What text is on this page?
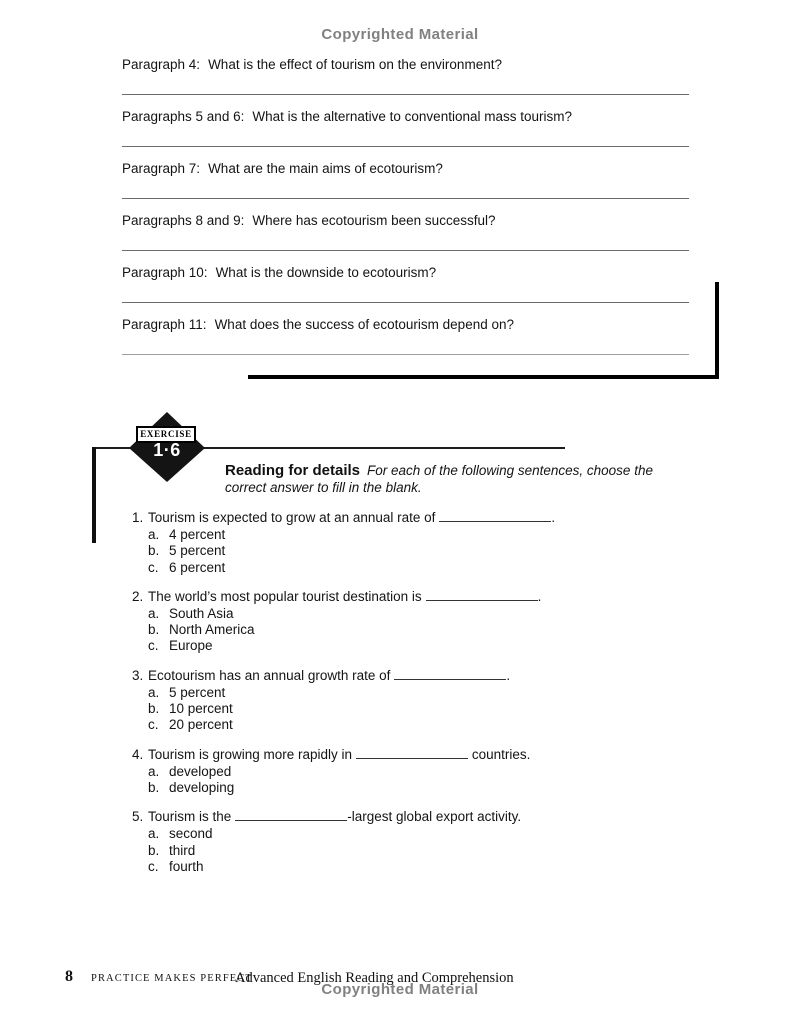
Copyrighted Material
Paragraph 4: What is the effect of tourism on the environment?
Paragraphs 5 and 6: What is the alternative to conventional mass tourism?
Paragraph 7: What are the main aims of ecotourism?
Paragraphs 8 and 9: Where has ecotourism been successful?
Paragraph 10: What is the downside to ecotourism?
Paragraph 11: What does the success of ecotourism depend on?
EXERCISE
1·6
Reading for details For each of the following sentences, choose the correct answer to fill in the blank.
1. Tourism is expected to grow at an annual rate of	.
a. 4 percent
b. 5 percent
c. 6 percent
2. The world’s most popular tourist destination is	.
a. South Asia
b. North America
c. Europe
3. Ecotourism has an annual growth rate of	.
a. 5 percent
b. 10 percent
c. 20 percent
4. Tourism is growing more rapidly in	countries.
a. developed
b. developing
5. Tourism is the	-largest global export activity.
a. second
b. third
c. fourth
8 PRACTICE MAKES PERFECT
Advanced English Reading and Comprehension
Copyrighted Material
